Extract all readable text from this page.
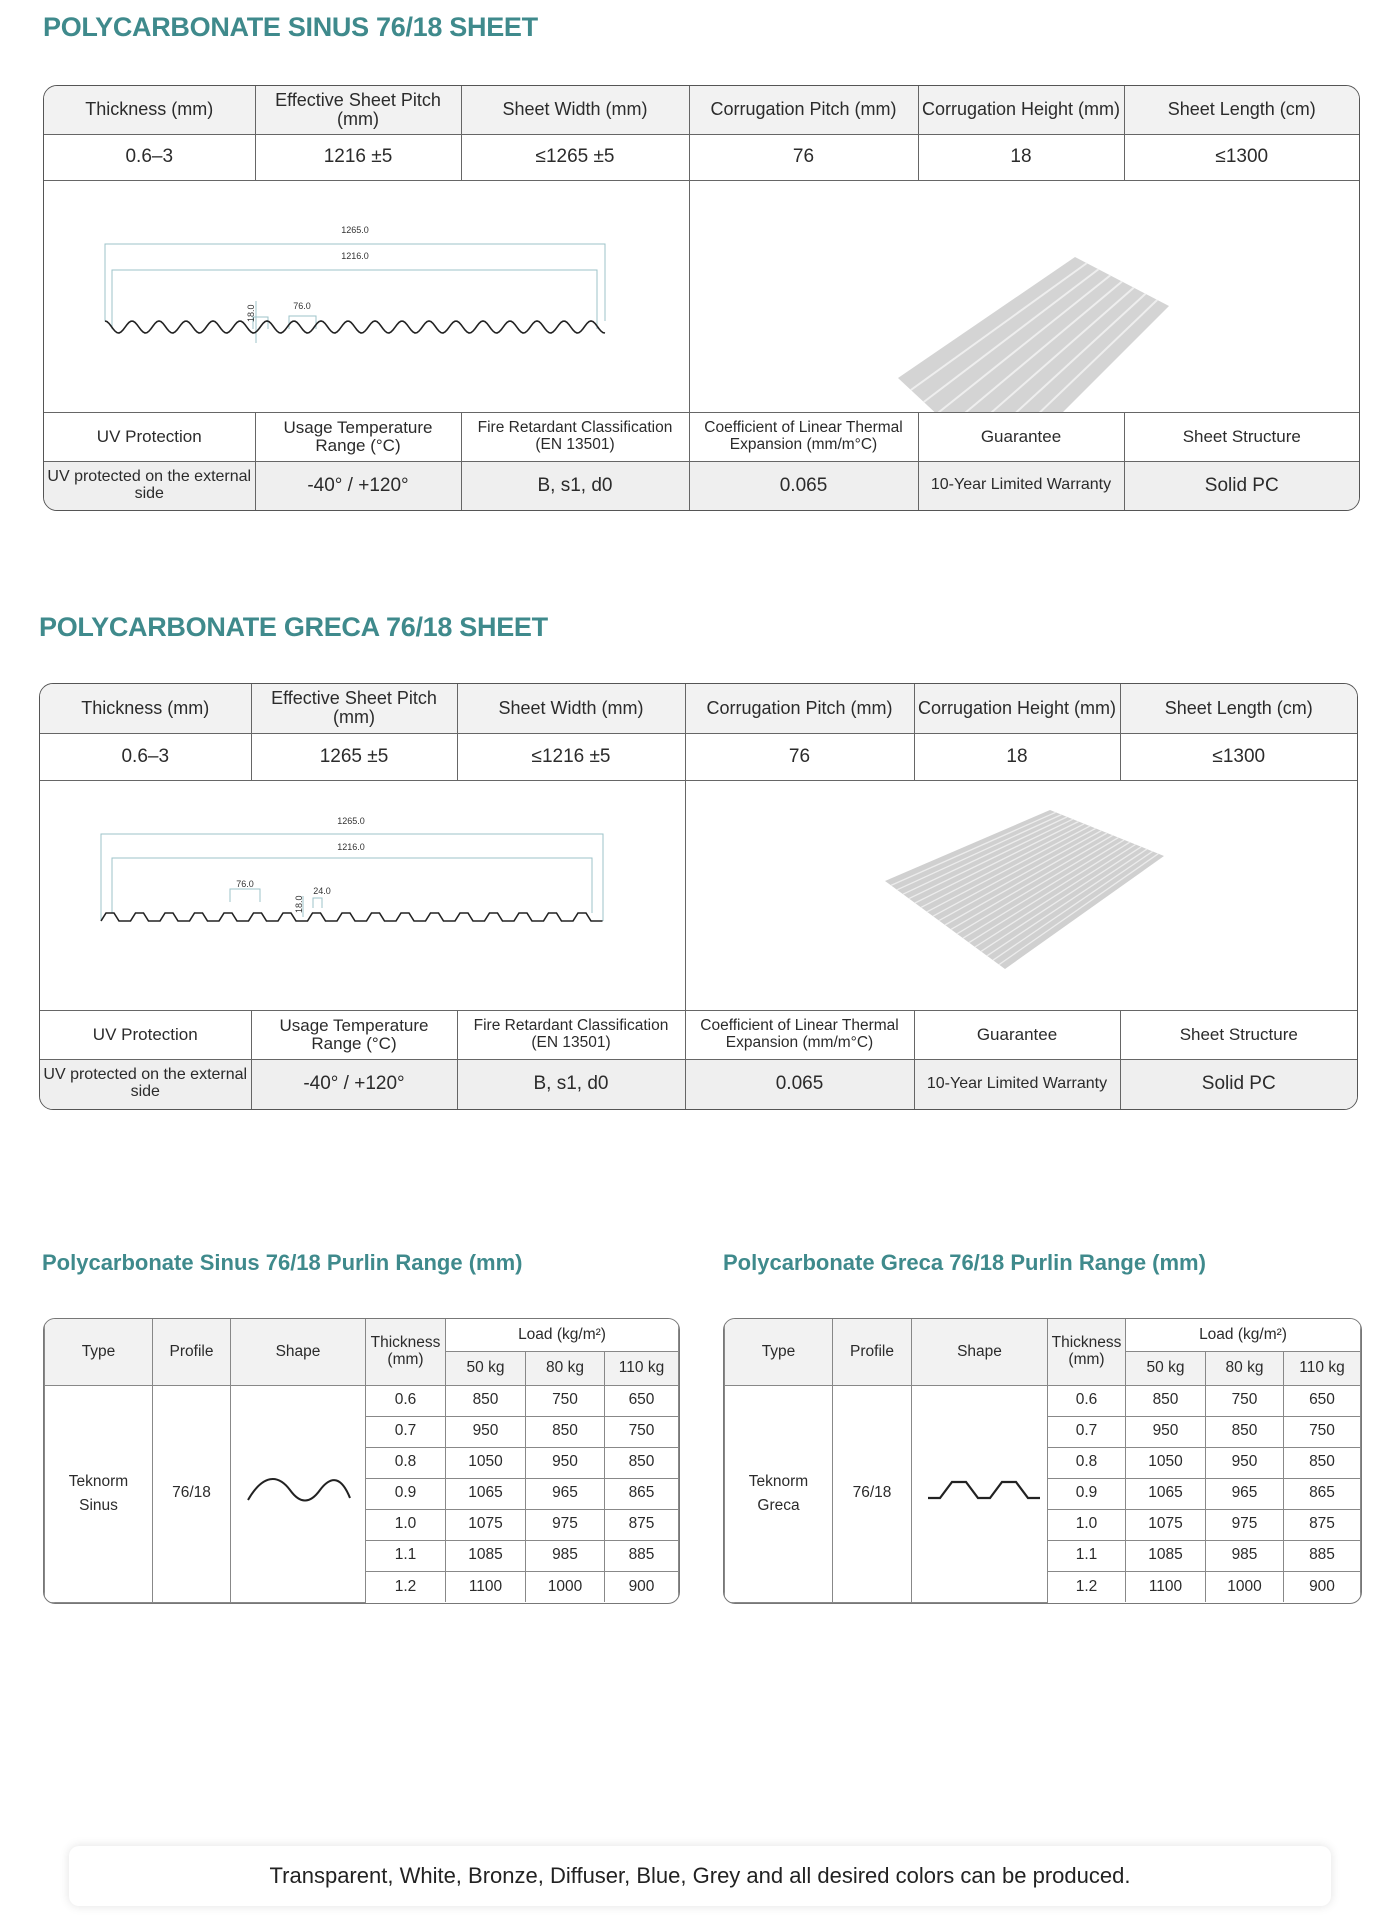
POLYCARBONATE SINUS 76/18 SHEET
Thickness (mm)	Effective Sheet Pitch (mm)	Sheet Width (mm)	Corrugation Pitch (mm)	Corrugation Height (mm)	Sheet Length (cm)
0.6–3	1216 ±5	≤1265 ±5	76	18	≤1300

1265.0
1216.0
76.0
18.0

UV Protection	Usage Temperature Range (°C)	Fire Retardant Classification (EN 13501)	Coefficient of Linear Thermal Expansion (mm/m°C)	Guarantee	Sheet Structure
UV protected on the external side	-40° / +120°	B, s1, d0	0.065	10-Year Limited Warranty	Solid PC
POLYCARBONATE GRECA 76/18 SHEET
Thickness (mm)	Effective Sheet Pitch (mm)	Sheet Width (mm)	Corrugation Pitch (mm)	Corrugation Height (mm)	Sheet Length (cm)
0.6–3	1265 ±5	≤1216 ±5	76	18	≤1300

1265.0
1216.0
76.0
24.0
18.0

UV Protection	Usage Temperature Range (°C)	Fire Retardant Classification (EN 13501)	Coefficient of Linear Thermal Expansion (mm/m°C)	Guarantee	Sheet Structure
UV protected on the external side	-40° / +120°	B, s1, d0	0.065	10-Year Limited Warranty	Solid PC
Polycarbonate Sinus 76/18 Purlin Range (mm)	Polycarbonate Greca 76/18 Purlin Range (mm)
Type	Profile	Shape	Thickness (mm)	Load (kg/m²)		
				50 kg	80 kg	110 kg
Teknorm Sinus	76/18		0.6	850	750	650
			0.7	950	850	750
			0.8	1050	950	850
			0.9	1065	965	865
			1.0	1075	975	875
			1.1	1085	985	885
			1.2	1100	1000	900
Type	Profile	Shape	Thickness (mm)	Load (kg/m²)		
				50 kg	80 kg	110 kg
Teknorm Greca	76/18		0.6	850	750	650
			0.7	950	850	750
			0.8	1050	950	850
			0.9	1065	965	865
			1.0	1075	975	875
			1.1	1085	985	885
			1.2	1100	1000	900
Transparent, White, Bronze, Diffuser, Blue, Grey and all desired colors can be produced.
